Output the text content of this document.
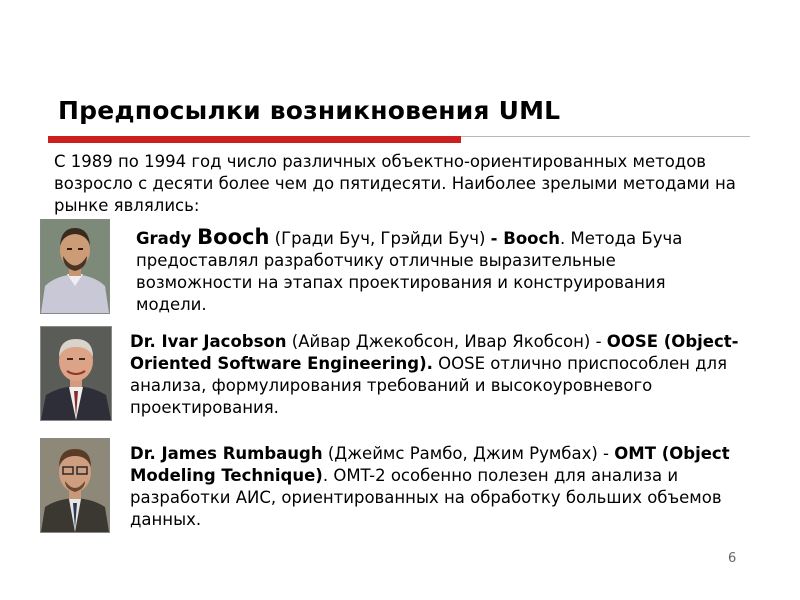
Предпосылки возникновения UML

С 1989 по 1994 год число различных объектно-ориентированных методов возросло с десяти более чем до пятидесяти. Наиболее зрелыми методами на рынке являлись:

Grady Booch (Гради Буч, Грэйди Буч) - Booch. Метода Буча предоставлял разработчику отличные выразительные возможности на этапах проектирования и конструирования модели.

Dr. Ivar Jacobson (Айвар Джекобсон, Ивар Якобсон) - OOSE (Object-Oriented Software Engineering). OOSE отлично приспособлен для анализа, формулирования требований и высокоуровневого проектирования.

Dr. James Rumbaugh (Джеймс Рамбо, Джим Румбах) - OMT (Object Modeling Technique). OMT-2 особенно полезен для анализа и разработки АИС, ориентированных на обработку больших объемов данных.

6
